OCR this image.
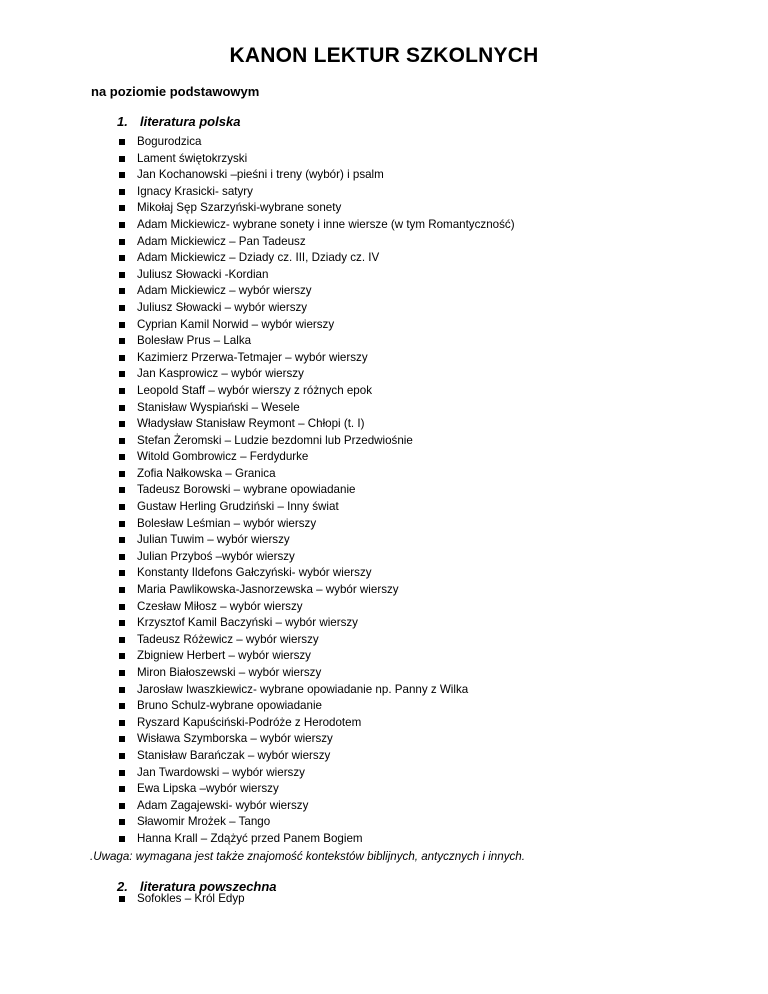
KANON LEKTUR SZKOLNYCH
na poziomie podstawowym
1. literatura polska
Bogurodzica
Lament świętokrzyski
Jan Kochanowski –pieśni i treny (wybór) i psalm
Ignacy Krasicki- satyry
Mikołaj Sęp Szarzyński-wybrane sonety
Adam Mickiewicz- wybrane sonety i inne wiersze (w tym Romantyczność)
Adam Mickiewicz – Pan Tadeusz
Adam Mickiewicz – Dziady cz. III, Dziady cz. IV
Juliusz Słowacki -Kordian
Adam Mickiewicz – wybór wierszy
Juliusz Słowacki – wybór wierszy
Cyprian Kamil Norwid – wybór wierszy
Bolesław Prus – Lalka
Kazimierz Przerwa-Tetmajer – wybór wierszy
Jan Kasprowicz – wybór wierszy
Leopold Staff – wybór wierszy z różnych epok
Stanisław Wyspiański – Wesele
Władysław Stanisław Reymont – Chłopi (t. I)
Stefan Żeromski – Ludzie bezdomni lub Przedwiośnie
Witold Gombrowicz – Ferdydurke
Zofia Nałkowska – Granica
Tadeusz Borowski – wybrane opowiadanie
Gustaw Herling Grudziński – Inny świat
Bolesław Leśmian – wybór wierszy
Julian Tuwim – wybór wierszy
Julian Przyboś –wybór wierszy
Konstanty Ildefons Gałczyński- wybór wierszy
Maria Pawlikowska-Jasnorzewska – wybór wierszy
Czesław Miłosz – wybór wierszy
Krzysztof Kamil Baczyński – wybór wierszy
Tadeusz Różewicz – wybór wierszy
Zbigniew Herbert – wybór wierszy
Miron Białoszewski – wybór wierszy
Jarosław Iwaszkiewicz- wybrane opowiadanie np. Panny z Wilka
Bruno Schulz-wybrane opowiadanie
Ryszard Kapuściński-Podróże z Herodotem
Wisława Szymborska – wybór wierszy
Stanisław Barańczak – wybór wierszy
Jan Twardowski – wybór wierszy
Ewa Lipska –wybór wierszy
Adam Zagajewski- wybór wierszy
Sławomir Mrożek – Tango
Hanna Krall – Zdążyć przed Panem Bogiem
.Uwaga: wymagana jest także znajomość kontekstów biblijnych, antycznych i innych.
2. literatura powszechna
Sofokles – Król Edyp
